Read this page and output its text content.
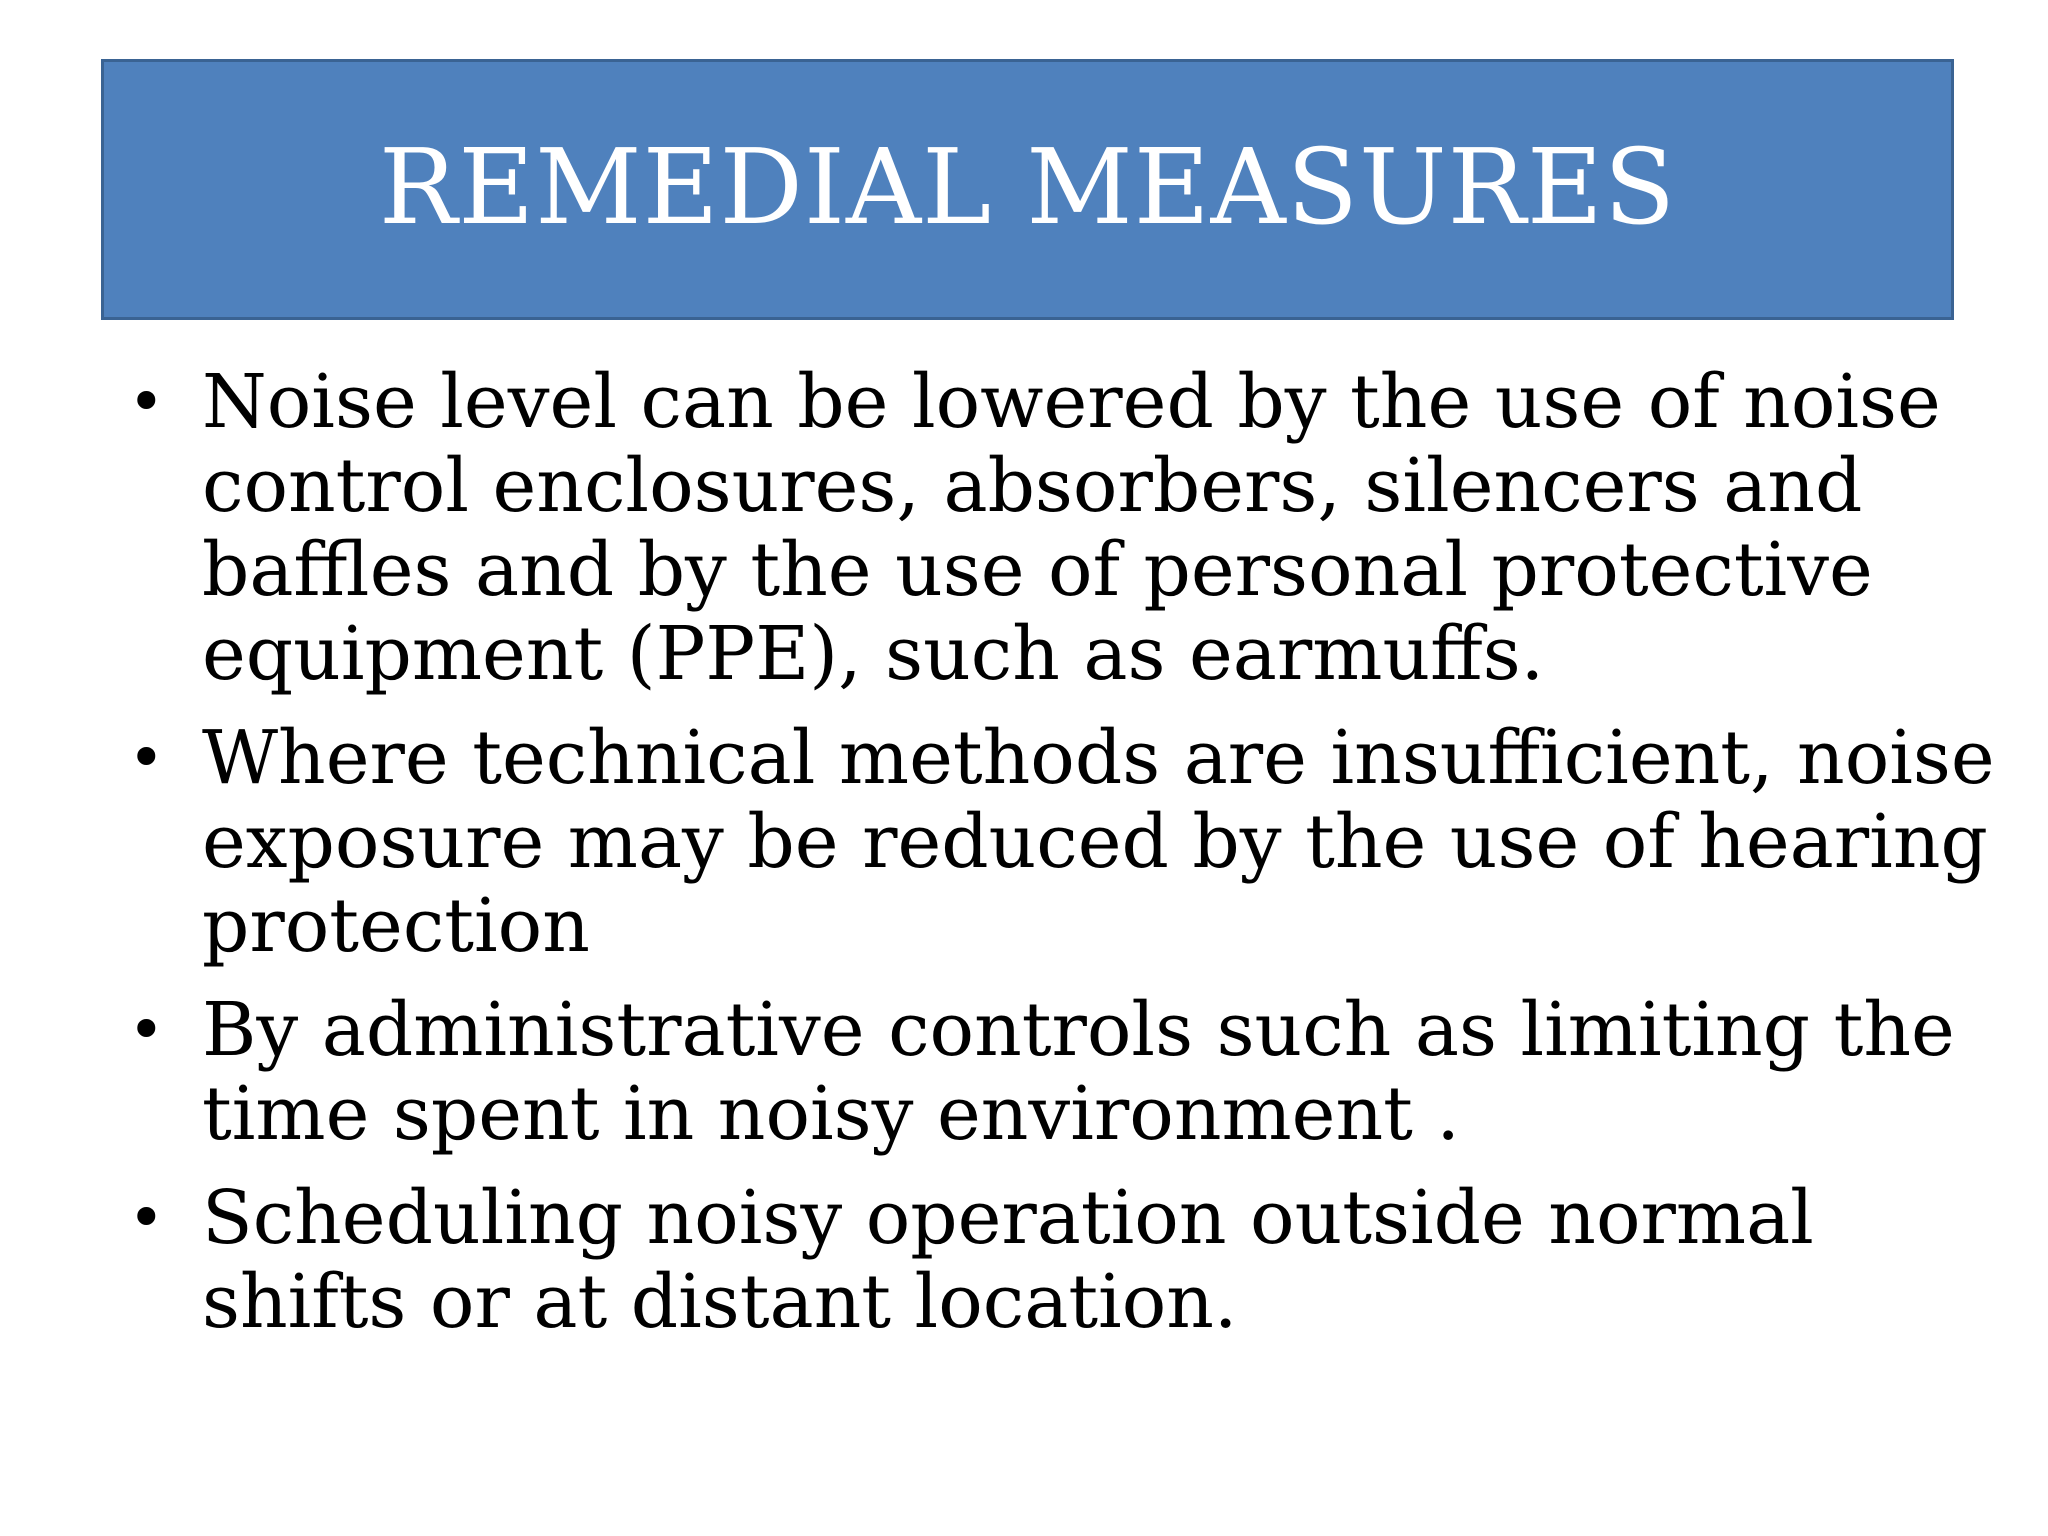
REMEDIAL MEASURES
• Noise level can be lowered by the use of noise
control enclosures, absorbers, silencers and
baffles and by the use of personal protective
equipment (PPE), such as earmuffs.
• Where technical methods are insufficient, noise
exposure may be reduced by the use of hearing
protection
• By administrative controls such as limiting the
time spent in noisy environment .
• Scheduling noisy operation outside normal
shifts or at distant location.
